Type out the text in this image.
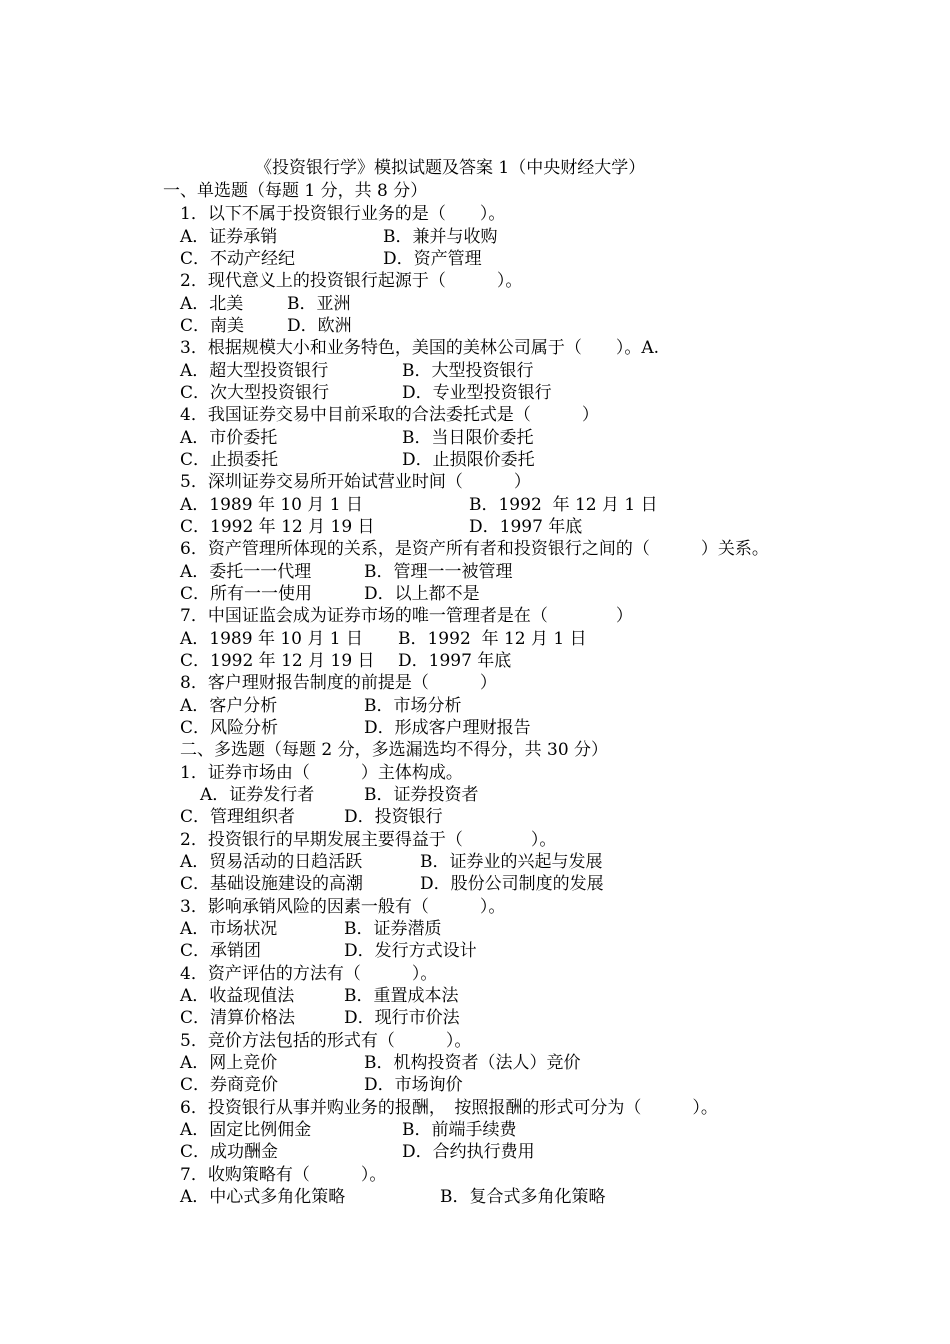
《投资银行学》模拟试题及答案 1（中央财经大学）
一、单选题（每题 1 分，共 8 分）
1．以下不属于投资银行业务的是（　　）。
A．证券承销	B．兼并与收购
C．不动产经纪	D．资产管理
2．现代意义上的投资银行起源于（　　　）。
A．北美	B．亚洲
C．南美	D．欧洲
3．根据规模大小和业务特色，美国的美林公司属于（　　）。A.
A．超大型投资银行	B．大型投资银行
C．次大型投资银行	D．专业型投资银行
4．我国证券交易中目前采取的合法委托式是（　　　）
A．市价委托	B．当日限价委托
C．止损委托	D．止损限价委托
5．深圳证券交易所开始试营业时间（　　　）
A．1989 年 10 月 1 日	B．1992  年 12 月 1 日
C．1992 年 12 月 19 日	D．1997 年底
6．资产管理所体现的关系，是资产所有者和投资银行之间的（　　　）关系。
A．委托一一代理	B．管理一一被管理
C．所有一一使用	D．以上都不是
7．中国证监会成为证券市场的唯一管理者是在（　　　　）
A．1989 年 10 月 1 日 B．1992  年 12 月 1 日
C．1992 年 12 月 19 日 D．1997 年底
8．客户理财报告制度的前提是（　　　）
A．客户分析	B．市场分析
C．风险分析	D．形成客户理财报告
二、多选题（每题 2 分，多选漏选均不得分，共 30 分）
1．证券市场由（　　　）主体构成。
A．证券发行者	B．证券投资者
C．管理组织者	D．投资银行
2．投资银行的早期发展主要得益于（　　　　）。
A．贸易活动的日趋活跃	B．证券业的兴起与发展
C．基础设施建设的高潮	D．股份公司制度的发展
3．影响承销风险的因素一般有（　　　）。
A．市场状况	B．证券潜质
C．承销团	D．发行方式设计
4．资产评估的方法有（　　　）。
A．收益现值法	B．重置成本法
C．清算价格法	D．现行市价法
5．竞价方法包括的形式有（　　　）。
A．网上竞价	B．机构投资者（法人）竞价
C．券商竞价	D．市场询价
6．投资银行从事并购业务的报酬，　按照报酬的形式可分为（　　　）。
A．固定比例佣金	B．前端手续费
C．成功酬金	D．合约执行费用
7．收购策略有（　　　）。
A．中心式多角化策略	B．复合式多角化策略
